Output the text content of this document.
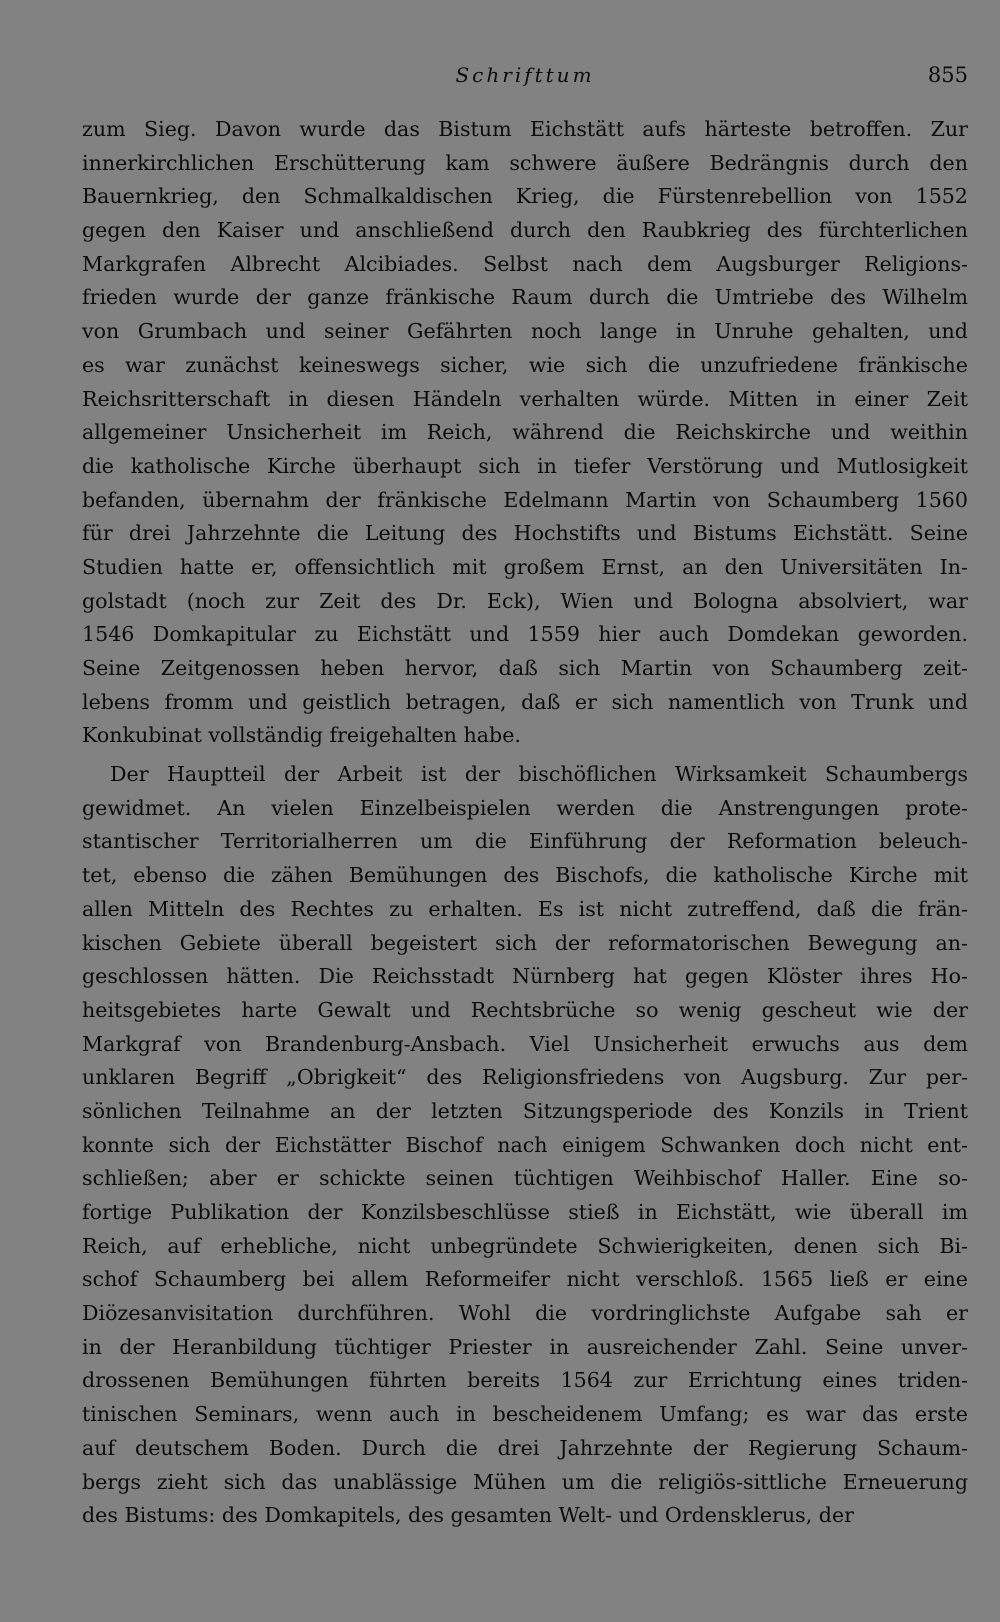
Schrifttum	855
zum Sieg. Davon wurde das Bistum Eichstätt aufs härteste betroffen. Zur
innerkirchlichen Erschütterung kam schwere äußere Bedrängnis durch den
Bauernkrieg, den Schmalkaldischen Krieg, die Fürstenrebellion von 1552
gegen den Kaiser und anschließend durch den Raubkrieg des fürchterlichen
Markgrafen Albrecht Alcibiades. Selbst nach dem Augsburger Religions-
frieden wurde der ganze fränkische Raum durch die Umtriebe des Wilhelm
von Grumbach und seiner Gefährten noch lange in Unruhe gehalten, und
es war zunächst keineswegs sicher, wie sich die unzufriedene fränkische
Reichsritterschaft in diesen Händeln verhalten würde. Mitten in einer Zeit
allgemeiner Unsicherheit im Reich, während die Reichskirche und weithin
die katholische Kirche überhaupt sich in tiefer Verstörung und Mutlosigkeit
befanden, übernahm der fränkische Edelmann Martin von Schaumberg 1560
für drei Jahrzehnte die Leitung des Hochstifts und Bistums Eichstätt. Seine
Studien hatte er, offensichtlich mit großem Ernst, an den Universitäten In-
golstadt (noch zur Zeit des Dr. Eck), Wien und Bologna absolviert, war
1546 Domkapitular zu Eichstätt und 1559 hier auch Domdekan geworden.
Seine Zeitgenossen heben hervor, daß sich Martin von Schaumberg zeit-
lebens fromm und geistlich betragen, daß er sich namentlich von Trunk und
Konkubinat vollständig freigehalten habe.
Der Hauptteil der Arbeit ist der bischöflichen Wirksamkeit Schaumbergs
gewidmet. An vielen Einzelbeispielen werden die Anstrengungen prote-
stantischer Territorialherren um die Einführung der Reformation beleuch-
tet, ebenso die zähen Bemühungen des Bischofs, die katholische Kirche mit
allen Mitteln des Rechtes zu erhalten. Es ist nicht zutreffend, daß die frän-
kischen Gebiete überall begeistert sich der reformatorischen Bewegung an-
geschlossen hätten. Die Reichsstadt Nürnberg hat gegen Klöster ihres Ho-
heitsgebietes harte Gewalt und Rechtsbrüche so wenig gescheut wie der
Markgraf von Brandenburg-Ansbach. Viel Unsicherheit erwuchs aus dem
unklaren Begriff „Obrigkeit“ des Religionsfriedens von Augsburg. Zur per-
sönlichen Teilnahme an der letzten Sitzungsperiode des Konzils in Trient
konnte sich der Eichstätter Bischof nach einigem Schwanken doch nicht ent-
schließen; aber er schickte seinen tüchtigen Weihbischof Haller. Eine so-
fortige Publikation der Konzilsbeschlüsse stieß in Eichstätt, wie überall im
Reich, auf erhebliche, nicht unbegründete Schwierigkeiten, denen sich Bi-
schof Schaumberg bei allem Reformeifer nicht verschloß. 1565 ließ er eine
Diözesanvisitation durchführen. Wohl die vordringlichste Aufgabe sah er
in der Heranbildung tüchtiger Priester in ausreichender Zahl. Seine unver-
drossenen Bemühungen führten bereits 1564 zur Errichtung eines triden-
tinischen Seminars, wenn auch in bescheidenem Umfang; es war das erste
auf deutschem Boden. Durch die drei Jahrzehnte der Regierung Schaum-
bergs zieht sich das unablässige Mühen um die religiös-sittliche Erneuerung
des Bistums: des Domkapitels, des gesamten Welt- und Ordensklerus, der
